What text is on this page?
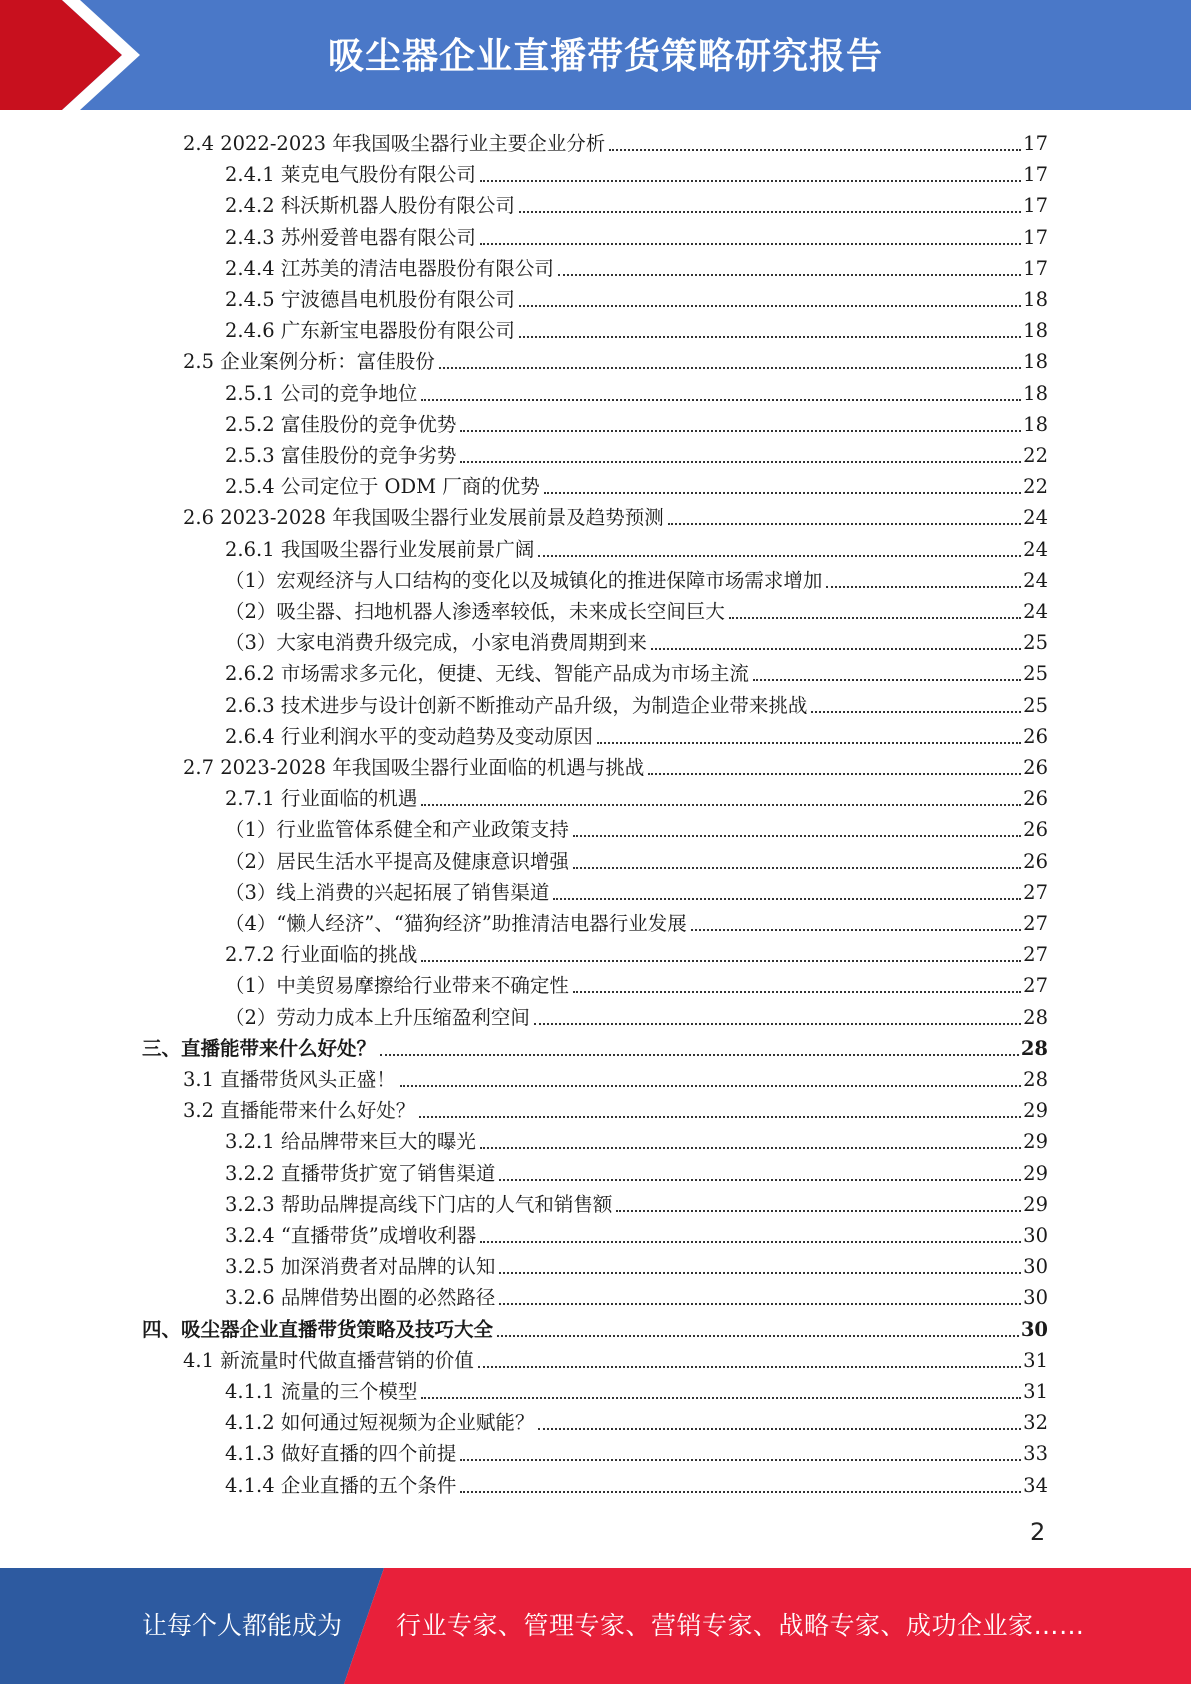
吸尘器企业直播带货策略研究报告
2.4 2022-2023 年我国吸尘器行业主要企业分析	17
2.4.1 莱克电气股份有限公司	17
2.4.2 科沃斯机器人股份有限公司	17
2.4.3 苏州爱普电器有限公司	17
2.4.4 江苏美的清洁电器股份有限公司	17
2.4.5 宁波德昌电机股份有限公司	18
2.4.6 广东新宝电器股份有限公司	18
2.5 企业案例分析：富佳股份	18
2.5.1 公司的竞争地位	18
2.5.2 富佳股份的竞争优势	18
2.5.3 富佳股份的竞争劣势	22
2.5.4 公司定位于 ODM 厂商的优势	22
2.6 2023-2028 年我国吸尘器行业发展前景及趋势预测	24
2.6.1 我国吸尘器行业发展前景广阔	24
（1）宏观经济与人口结构的变化以及城镇化的推进保障市场需求增加	24
（2）吸尘器、扫地机器人渗透率较低，未来成长空间巨大	24
（3）大家电消费升级完成，小家电消费周期到来	25
2.6.2 市场需求多元化，便捷、无线、智能产品成为市场主流	25
2.6.3 技术进步与设计创新不断推动产品升级，为制造企业带来挑战	25
2.6.4 行业利润水平的变动趋势及变动原因	26
2.7 2023-2028 年我国吸尘器行业面临的机遇与挑战	26
2.7.1 行业面临的机遇	26
（1）行业监管体系健全和产业政策支持	26
（2）居民生活水平提高及健康意识增强	26
（3）线上消费的兴起拓展了销售渠道	27
（4）“懒人经济”、“猫狗经济”助推清洁电器行业发展	27
2.7.2 行业面临的挑战	27
（1）中美贸易摩擦给行业带来不确定性	27
（2）劳动力成本上升压缩盈利空间	28
三、直播能带来什么好处？	28
3.1 直播带货风头正盛！	28
3.2 直播能带来什么好处？	29
3.2.1 给品牌带来巨大的曝光	29
3.2.2 直播带货扩宽了销售渠道	29
3.2.3 帮助品牌提高线下门店的人气和销售额	29
3.2.4 “直播带货”成增收利器	30
3.2.5 加深消费者对品牌的认知	30
3.2.6 品牌借势出圈的必然路径	30
四、吸尘器企业直播带货策略及技巧大全	30
4.1 新流量时代做直播营销的价值	31
4.1.1 流量的三个模型	31
4.1.2 如何通过短视频为企业赋能？	32
4.1.3 做好直播的四个前提	33
4.1.4 企业直播的五个条件	34
2
让每个人都能成为 行业专家、管理专家、营销专家、战略专家、成功企业家……
